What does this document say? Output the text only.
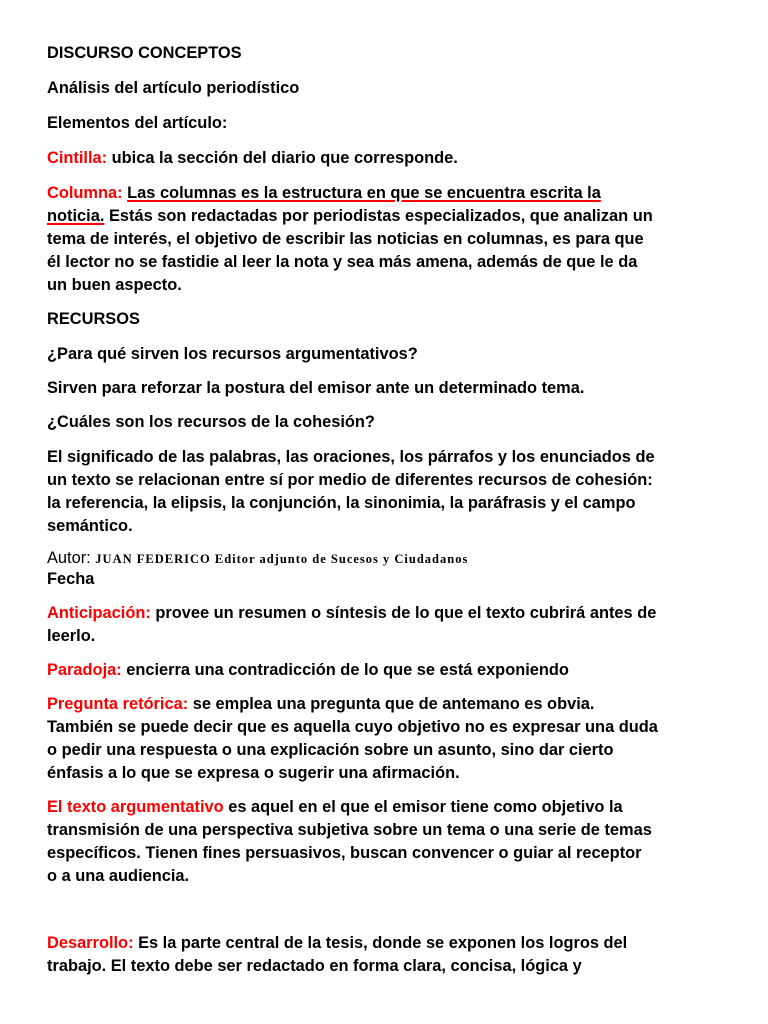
DISCURSO CONCEPTOS

Análisis del artículo periodístico

Elementos del artículo:

Cintilla: ubica la sección del diario que corresponde.

Columna: Las columnas es la estructura en que se encuentra escrita la

noticia. Estás son redactadas por periodistas especializados, que analizan un

tema de interés, el objetivo de escribir las noticias en columnas, es para que

él lector no se fastidie al leer la nota y sea más amena, además de que le da

un buen aspecto.

RECURSOS

¿Para qué sirven los recursos argumentativos?

Sirven para reforzar la postura del emisor ante un determinado tema.

¿Cuáles son los recursos de la cohesión?

El significado de las palabras, las oraciones, los párrafos y los enunciados de

un texto se relacionan entre sí por medio de diferentes recursos de cohesión:

la referencia, la elipsis, la conjunción, la sinonimia, la paráfrasis y el campo

semántico.

Autor: JUAN FEDERICO Editor adjunto de Sucesos y Ciudadanos

Fecha

Anticipación: provee un resumen o síntesis de lo que el texto cubrirá antes de

leerlo.

Paradoja: encierra una contradicción de lo que se está exponiendo

Pregunta retórica: se emplea una pregunta que de antemano es obvia.

También se puede decir que es aquella cuyo objetivo no es expresar una duda

o pedir una respuesta o una explicación sobre un asunto, sino dar cierto

énfasis a lo que se expresa o sugerir una afirmación.

El texto argumentativo es aquel en el que el emisor tiene como objetivo la

transmisión de una perspectiva subjetiva sobre un tema o una serie de temas

específicos. Tienen fines persuasivos, buscan convencer o guiar al receptor

o a una audiencia.

Desarrollo: Es la parte central de la tesis, donde se exponen los logros del

trabajo. El texto debe ser redactado en forma clara, concisa, lógica y
